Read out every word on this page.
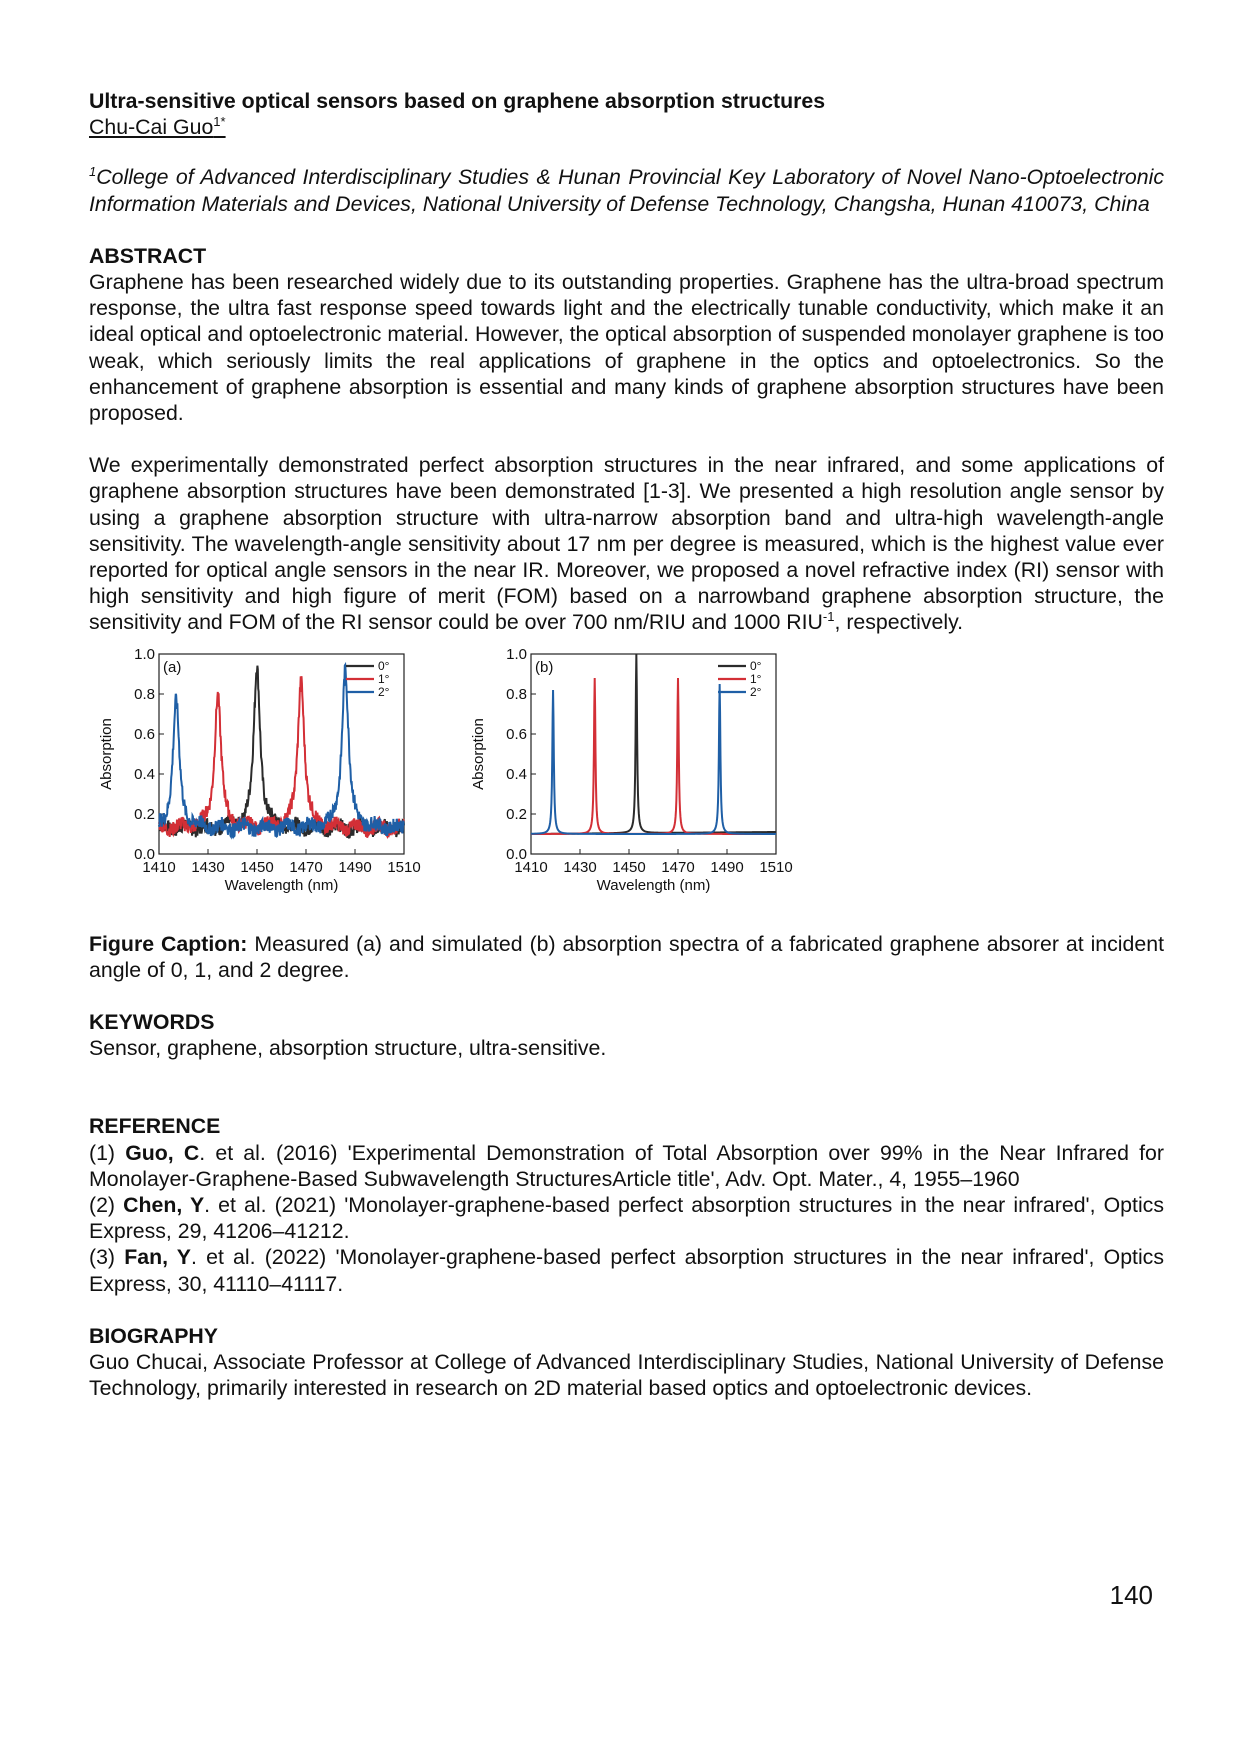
Ultra-sensitive optical sensors based on graphene absorption structures
Chu-Cai Guo$^{1*}$
$^1$College of Advanced Interdisciplinary Studies & Hunan Provincial Key Laboratory of Novel Nano-Optoelectronic Information Materials and Devices, National University of Defense Technology, Changsha, Hunan 410073, China
ABSTRACT

Graphene has been researched widely due to its outstanding properties. Graphene has the ultra-broad spectrum response, the ultra fast response speed towards light and the electrically tunable conductivity, which make it an ideal optical and optoelectronic material. However, the optical absorption of suspended monolayer graphene is too weak, which seriously limits the real applications of graphene in the optics and optoelectronics. So the enhancement of graphene absorption is essential and many kinds of graphene absorption structures have been proposed.

We experimentally demonstrated perfect absorption structures in the near infrared, and some applications of graphene absorption structures have been demonstrated [1-3]. We presented a high resolution angle sensor by using a graphene absorption structure with ultra-narrow absorption band and ultra-high wavelength-angle sensitivity. The wavelength-angle sensitivity about 17 nm per degree is measured, which is the highest value ever reported for optical angle sensors in the near IR. Moreover, we proposed a novel refractive index (RI) sensor with high sensitivity and high figure of merit (FOM) based on a narrowband graphene absorption structure, the sensitivity and FOM of the RI sensor could be over 700 nm/RIU and 1000 $RIU^{-1}$, respectively.

0.0
0.2
0.4
0.6
0.8
1.0
1410 1430 1450 1470 1490 1510
Wavelength (nm)
Absorption
(a)	0°
1°
2°
0.0
0.2
0.4
0.6
0.8
1.0
1410 1430 1450 1470 1490 1510
Wavelength (nm)
Absorption
(b)	0°
1°
2°

Figure Caption: Measured (a) and simulated (b) absorption spectra of a fabricated graphene absorer at incident angle of 0, 1, and 2 degree.

KEYWORDS

Sensor, graphene, absorption structure, ultra-sensitive.

REFERENCE

(1) Guo, C. et al. (2016) 'Experimental Demonstration of Total Absorption over 99% in the Near Infrared for Monolayer-Graphene-Based Subwavelength StructuresArticle title', Adv. Opt. Mater., 4, 1955–1960

(2) Chen, Y. et al. (2021) 'Monolayer-graphene-based perfect absorption structures in the near infrared', Optics Express, 29, 41206–41212.

(3) Fan, Y. et al. (2022) 'Monolayer-graphene-based perfect absorption structures in the near infrared', Optics Express, 30, 41110–41117.

BIOGRAPHY

Guo Chucai, Associate Professor at College of Advanced Interdisciplinary Studies, National University of Defense Technology, primarily interested in research on 2D material based optics and optoelectronic devices.

140
